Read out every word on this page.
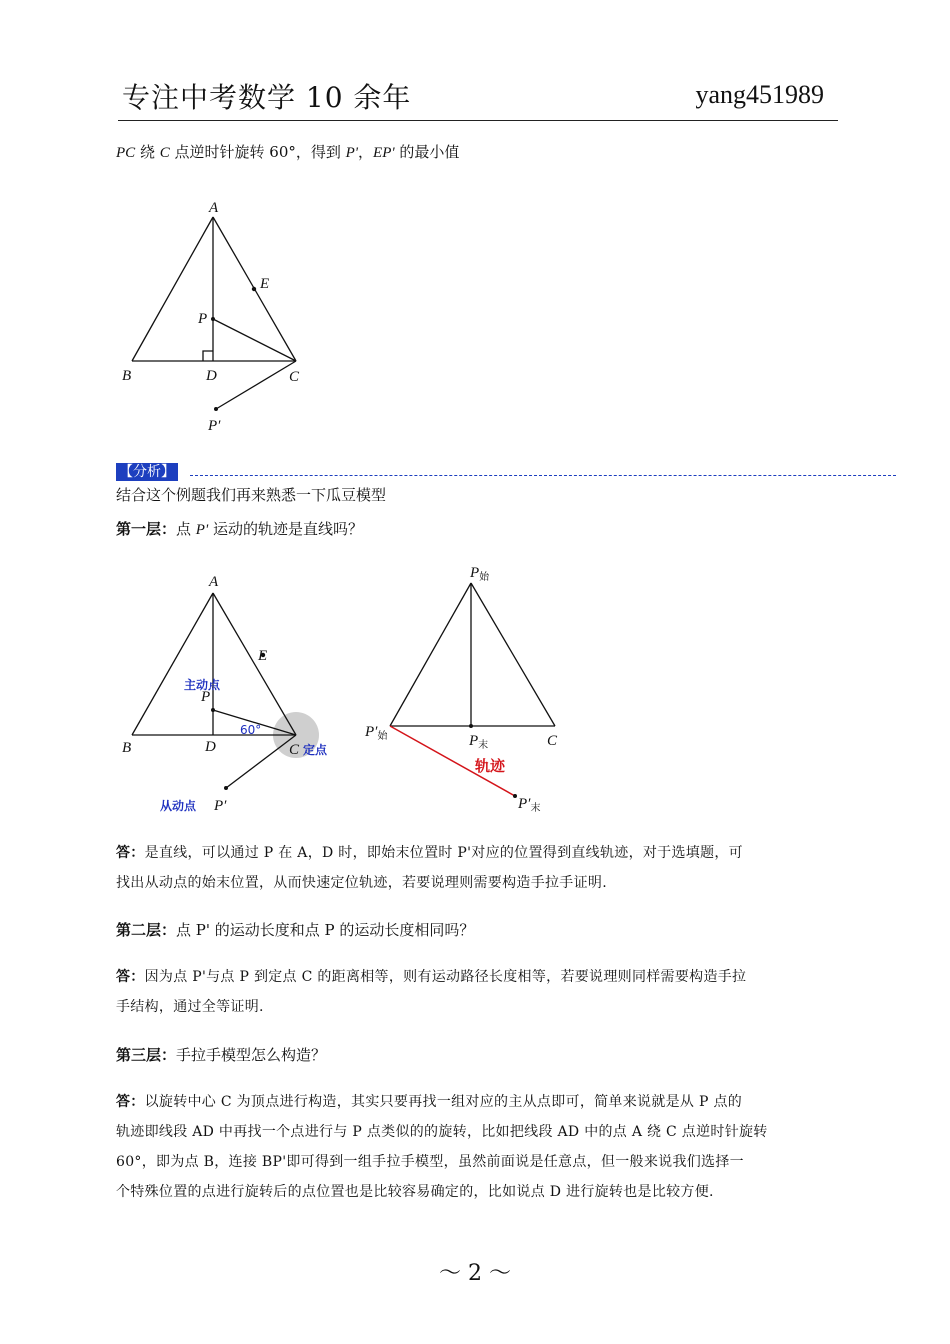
专注中考数学 10 余年	yang451989
PC 绕 C 点逆时针旋转 60°，得到 P'，EP' 的最小值
A
E
P
B	D	C
P′
【分析】
结合这个例题我们再来熟悉一下瓜豆模型
第一层：点 P' 运动的轨迹是直线吗？
A
E
主动点
P
60°
B	D	C 定点
从动点 P′
$P_始$
$P'_始$	$P_末$	C
轨迹
$P'_末$
答：是直线，可以通过 P 在 A，D 时，即始末位置时 P'对应的位置得到直线轨迹，对于选填题，可
找出从动点的始末位置，从而快速定位轨迹，若要说理则需要构造手拉手证明.
第二层：点 P' 的运动长度和点 P 的运动长度相同吗？
答：因为点 P'与点 P 到定点 C 的距离相等，则有运动路径长度相等，若要说理则同样需要构造手拉
手结构，通过全等证明.
第三层：手拉手模型怎么构造？
答：以旋转中心 C 为顶点进行构造，其实只要再找一组对应的主从点即可，简单来说就是从 P 点的
轨迹即线段 AD 中再找一个点进行与 P 点类似的的旋转，比如把线段 AD 中的点 A 绕 C 点逆时针旋转
60°，即为点 B，连接 BP'即可得到一组手拉手模型，虽然前面说是任意点，但一般来说我们选择一
个特殊位置的点进行旋转后的点位置也是比较容易确定的，比如说点 D 进行旋转也是比较方便.
～ 2 ～
